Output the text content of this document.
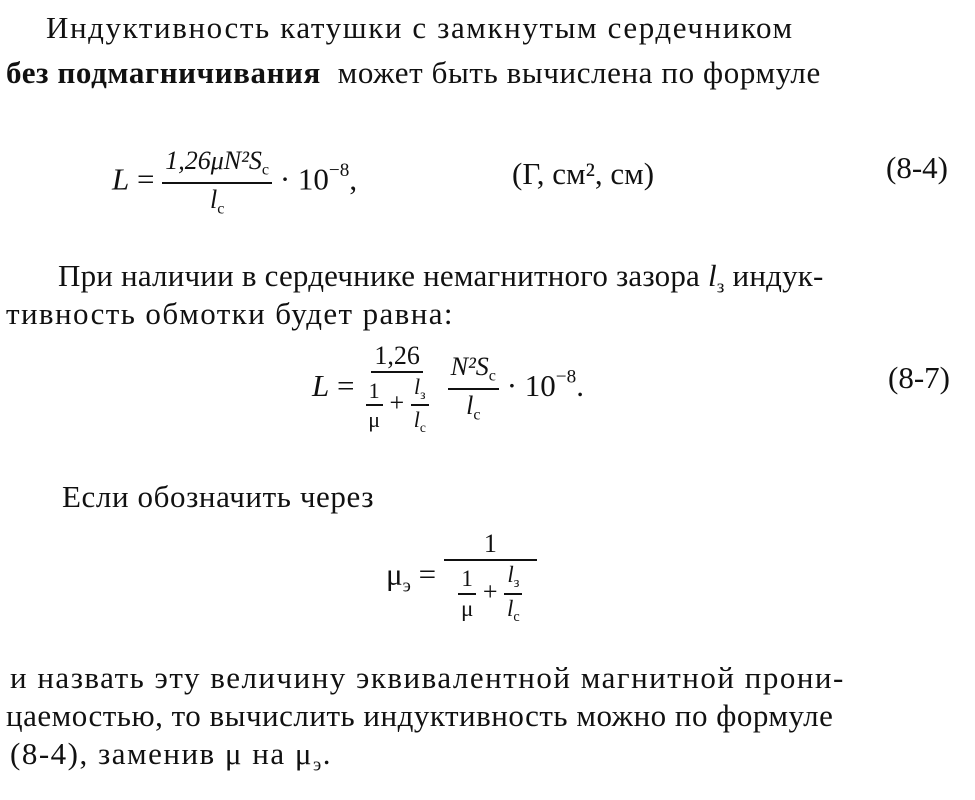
Индуктивность катушки с замкнутым сердечником
без подмагничивания может быть вычислена по формуле
$L = \frac{1,26\mu N^2S_с}{l_с} \cdot 10^{-8}$,	(Г, см², см)	(8-4)
При наличии в сердечнике немагнитного зазора $l_з$ индук-
тивность обмотки будет равна:
$L = \frac{1,26}{\frac{1}{\mu} + \frac{l_з}{l_с}}$
$\frac{N^2S_с}{l_с} \cdot 10^{-8}$.	(8-7)
Если обозначить через
$\mu_э = \frac{1}{\frac{1}{\mu} + \frac{l_з}{l_с}}$
и назвать эту величину эквивалентной магнитной прони-
цаемостью, то вычислить индуктивность можно по формуле
(8-4), заменив μ на $\mu_э$.
